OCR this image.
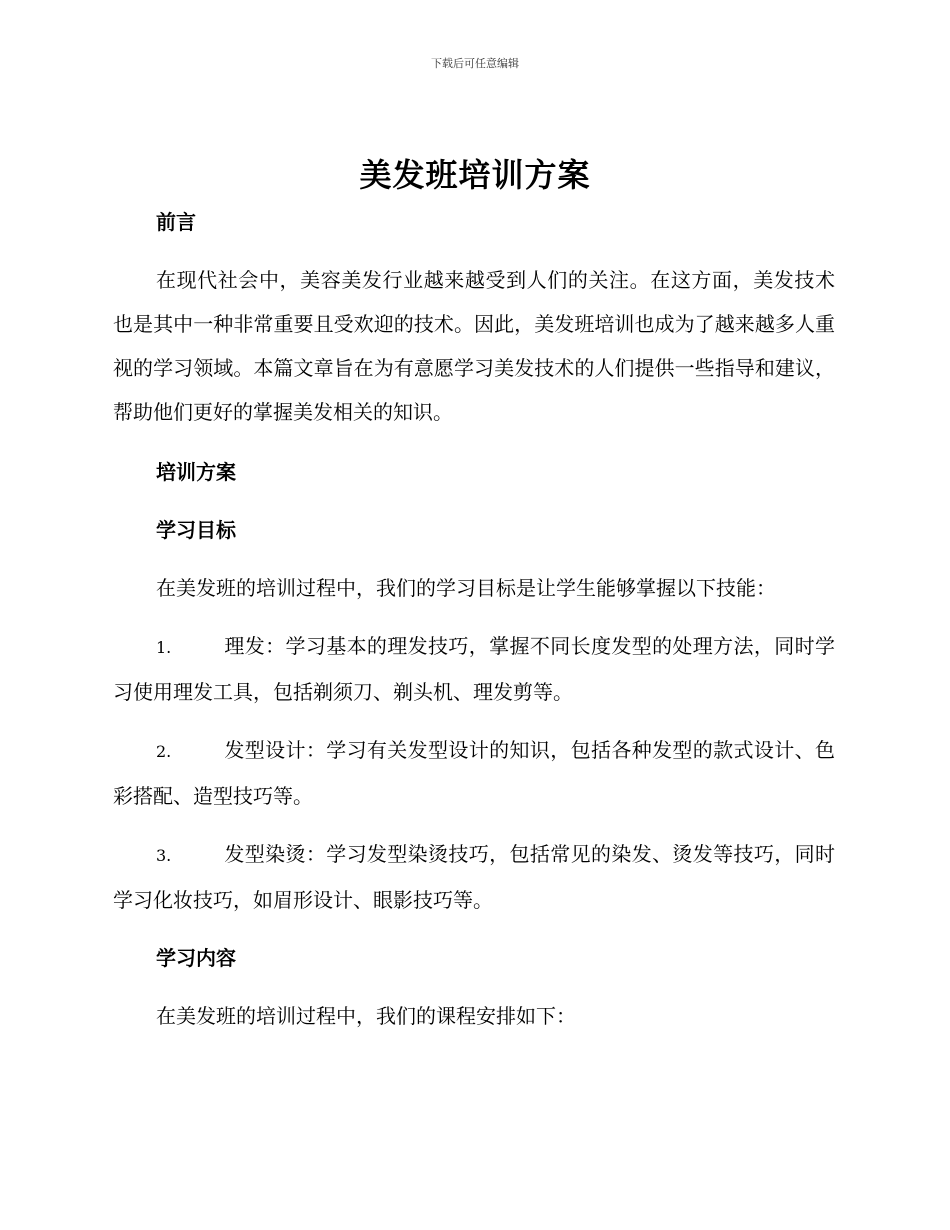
下载后可任意编辑
美发班培训方案

前言

在现代社会中，美容美发行业越来越受到人们的关注。在这方面，美发技术也是其中一种非常重要且受欢迎的技术。因此，美发班培训也成为了越来越多人重视的学习领域。本篇文章旨在为有意愿学习美发技术的人们提供一些指导和建议，帮助他们更好的掌握美发相关的知识。

培训方案

学习目标

在美发班的培训过程中，我们的学习目标是让学生能够掌握以下技能：

1.	理发：学习基本的理发技巧，掌握不同长度发型的处理方法，同时学习使用理发工具，包括剃须刀、剃头机、理发剪等。

2.	发型设计：学习有关发型设计的知识，包括各种发型的款式设计、色彩搭配、造型技巧等。

3.	发型染烫：学习发型染烫技巧，包括常见的染发、烫发等技巧，同时学习化妆技巧，如眉形设计、眼影技巧等。

学习内容

在美发班的培训过程中，我们的课程安排如下：
